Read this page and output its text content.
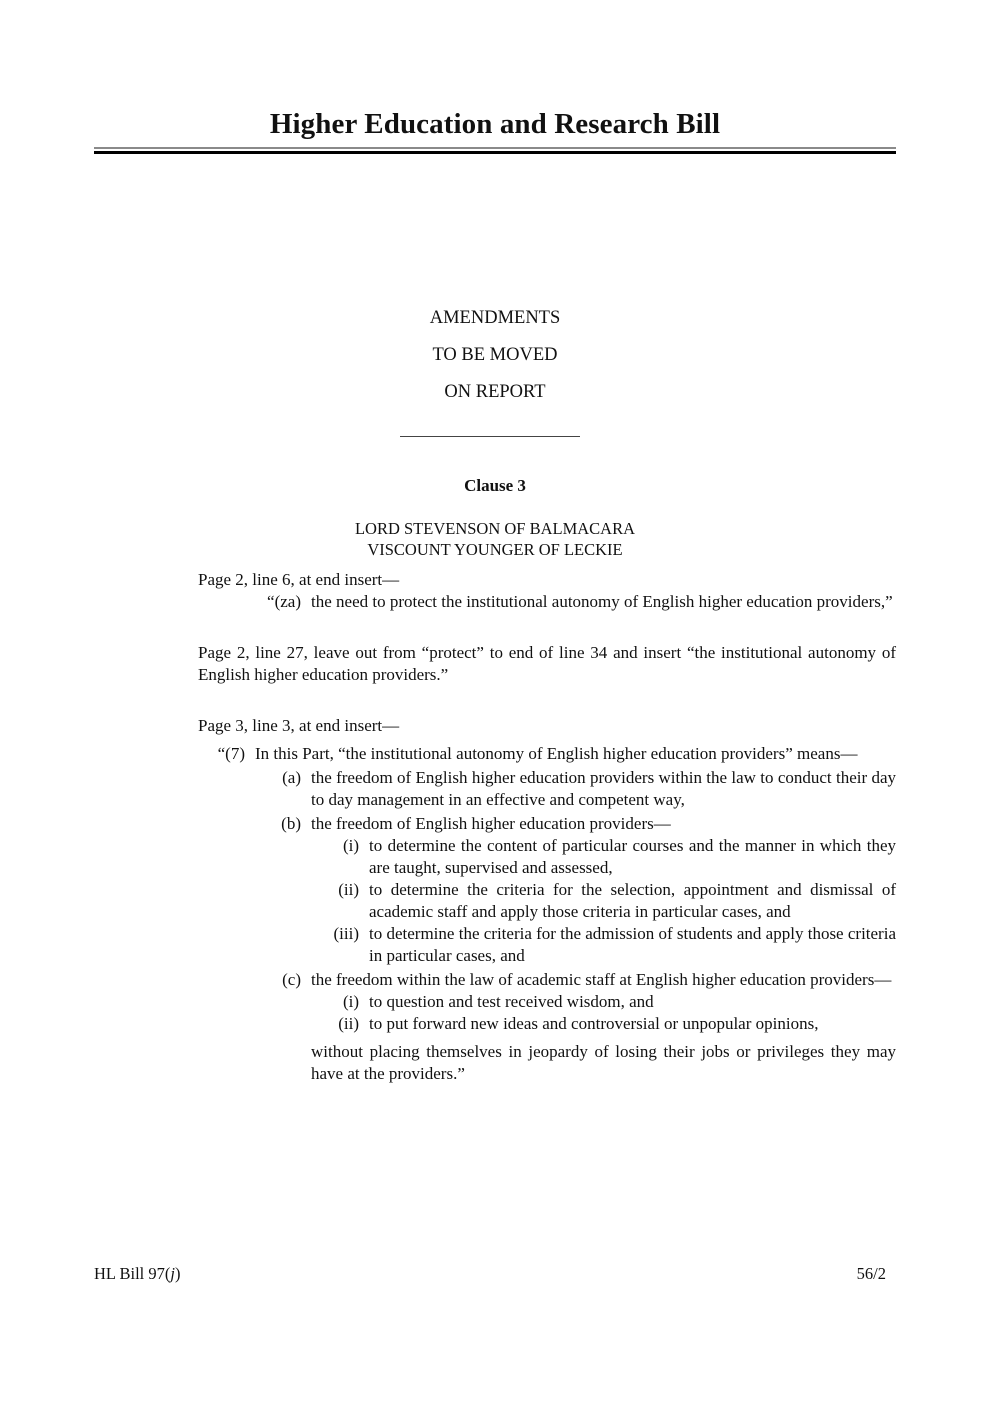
Higher Education and Research Bill
AMENDMENTS
TO BE MOVED
ON REPORT
Clause 3
LORD STEVENSON OF BALMACARA
VISCOUNT YOUNGER OF LECKIE

Page 2, line 6, at end insert—

“(za) the need to protect the institutional autonomy of English higher education providers,”

Page 2, line 27, leave out from “protect” to end of line 34 and insert “the institutional autonomy of English higher education providers.”

Page 3, line 3, at end insert—

“(7) In this Part, “the institutional autonomy of English higher education providers” means—
(a) the freedom of English higher education providers within the law to conduct their day to day management in an effective and competent way,
(b) the freedom of English higher education providers—
(i) to determine the content of particular courses and the manner in which they are taught, supervised and assessed,
(ii) to determine the criteria for the selection, appointment and dismissal of academic staff and apply those criteria in particular cases, and
(iii) to determine the criteria for the admission of students and apply those criteria in particular cases, and
(c) the freedom within the law of academic staff at English higher education providers—
(i) to question and test received wisdom, and
(ii) to put forward new ideas and controversial or unpopular opinions,

without placing themselves in jeopardy of losing their jobs or privileges they may have at the providers.”

HL Bill 97(j)	56/2
